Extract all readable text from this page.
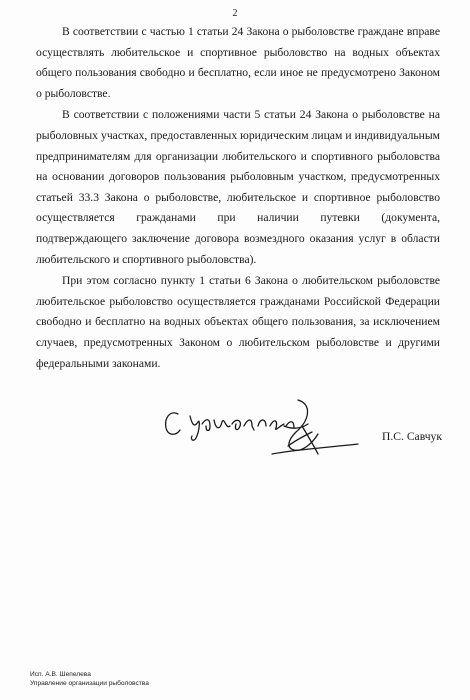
2

В соответствии с частью 1 статьи 24 Закона о рыболовстве граждане вправе осуществлять любительское и спортивное рыболовство на водных объектах общего пользования свободно и бесплатно, если иное не предусмотрено Законом о рыболовстве.

В соответствии с положениями части 5 статьи 24 Закона о рыболовстве на рыболовных участках, предоставленных юридическим лицам и индивидуальным предпринимателям для организации любительского и спортивного рыболовства на основании договоров пользования рыболовным участком, предусмотренных статьей 33.3 Закона о рыболовстве, любительское и спортивное рыболовство осуществляется гражданами при наличии путевки (документа, подтверждающего заключение договора возмездного оказания услуг в области любительского и спортивного рыболовства).

При этом согласно пункту 1 статьи 6 Закона о любительском рыболовстве любительское рыболовство осуществляется гражданами Российской Федерации свободно и бесплатно на водных объектах общего пользования, за исключением случаев, предусмотренных Законом о любительском рыболовстве и другими федеральными законами.

П.С. Савчук
Исп. А.В. Шепелева
Управление организации рыболовства
